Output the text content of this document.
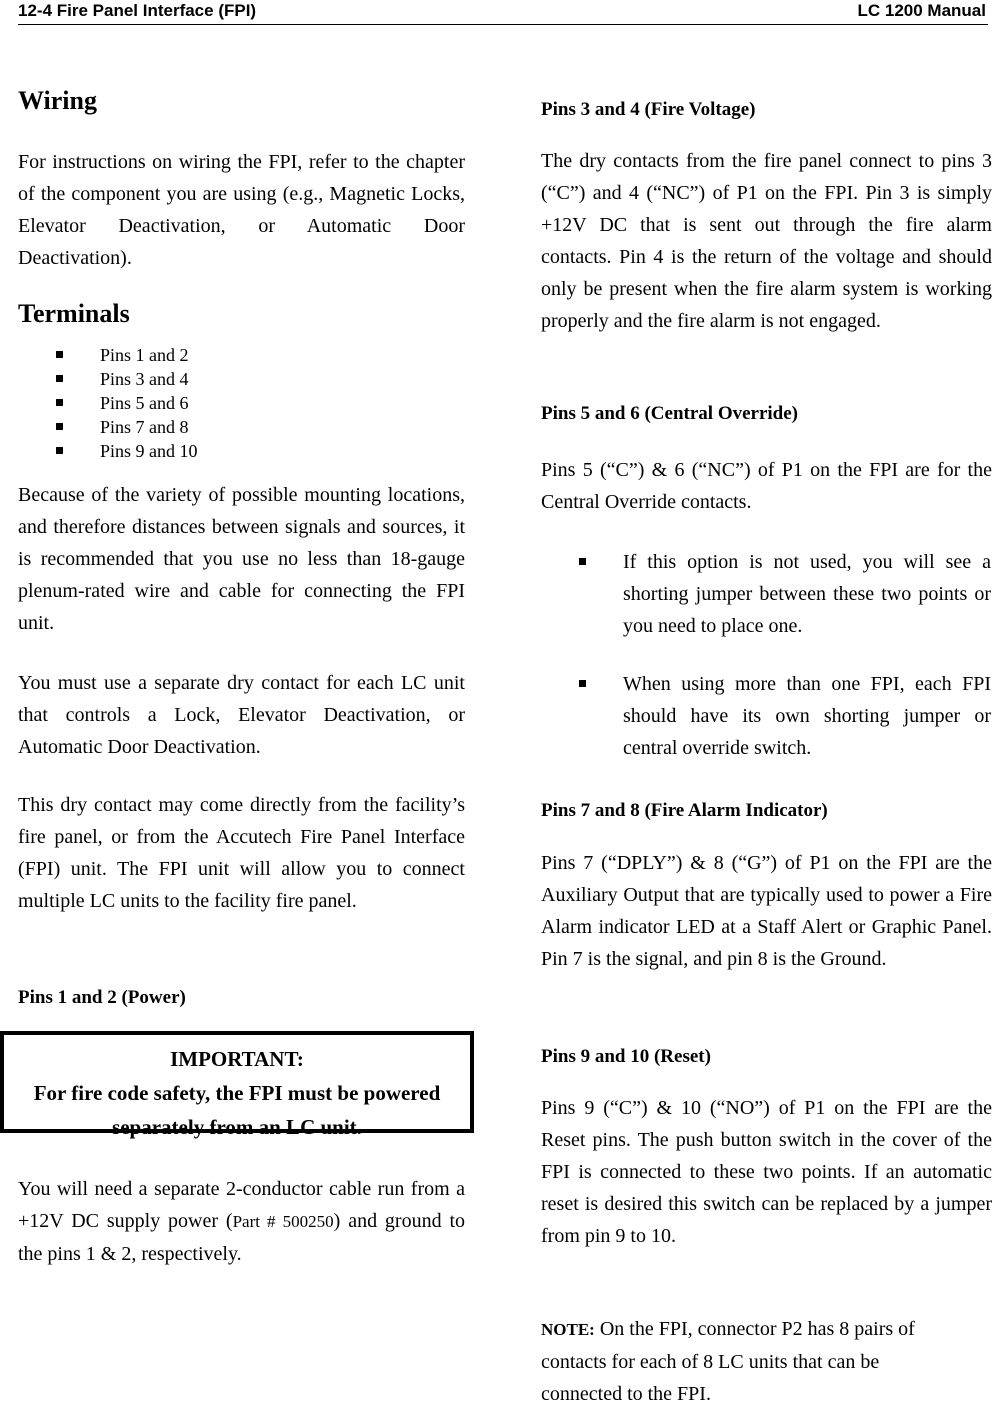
12-4 Fire Panel Interface (FPI)	LC 1200 Manual
Wiring

For instructions on wiring the FPI, refer to the chapter of the component you are using (e.g., Magnetic Locks, Elevator Deactivation, or Automatic Door Deactivation).

Terminals
Pins 1 and 2
Pins 3 and 4
Pins 5 and 6
Pins 7 and 8
Pins 9 and 10

Because of the variety of possible mounting locations, and therefore distances between signals and sources, it is recommended that you use no less than 18-gauge plenum-rated wire and cable for connecting the FPI unit.

You must use a separate dry contact for each LC unit that controls a Lock, Elevator Deactivation, or Automatic Door Deactivation.

This dry contact may come directly from the facility’s fire panel, or from the Accutech Fire Panel Interface (FPI) unit. The FPI unit will allow you to connect multiple LC units to the facility fire panel.

Pins 1 and 2 (Power)
IMPORTANT:
For fire code safety, the FPI must be powered
separately from an LC unit.

You will need a separate 2-conductor cable run from a +12V DC supply power (Part # 500250) and ground to the pins 1 & 2, respectively.

Pins 3 and 4 (Fire Voltage)

The dry contacts from the fire panel connect to pins 3 (“C”) and 4 (“NC”) of P1 on the FPI. Pin 3 is simply +12V DC that is sent out through the fire alarm contacts. Pin 4 is the return of the voltage and should only be present when the fire alarm system is working properly and the fire alarm is not engaged.

Pins 5 and 6 (Central Override)

Pins 5 (“C”) & 6 (“NC”) of P1 on the FPI are for the Central Override contacts.

If this option is not used, you will see a shorting jumper between these two points or you need to place one.
When using more than one FPI, each FPI should have its own shorting jumper or central override switch.
Pins 7 and 8 (Fire Alarm Indicator)

Pins 7 (“DPLY”) & 8 (“G”) of P1 on the FPI are the Auxiliary Output that are typically used to power a Fire Alarm indicator LED at a Staff Alert or Graphic Panel. Pin 7 is the signal, and pin 8 is the Ground.

Pins 9 and 10 (Reset)

Pins 9 (“C”) & 10 (“NO”) of P1 on the FPI are the Reset pins. The push button switch in the cover of the FPI is connected to these two points. If an automatic reset is desired this switch can be replaced by a jumper from pin 9 to 10.

NOTE: On the FPI, connector P2 has 8 pairs of
contacts for each of 8 LC units that can be
connected to the FPI.
